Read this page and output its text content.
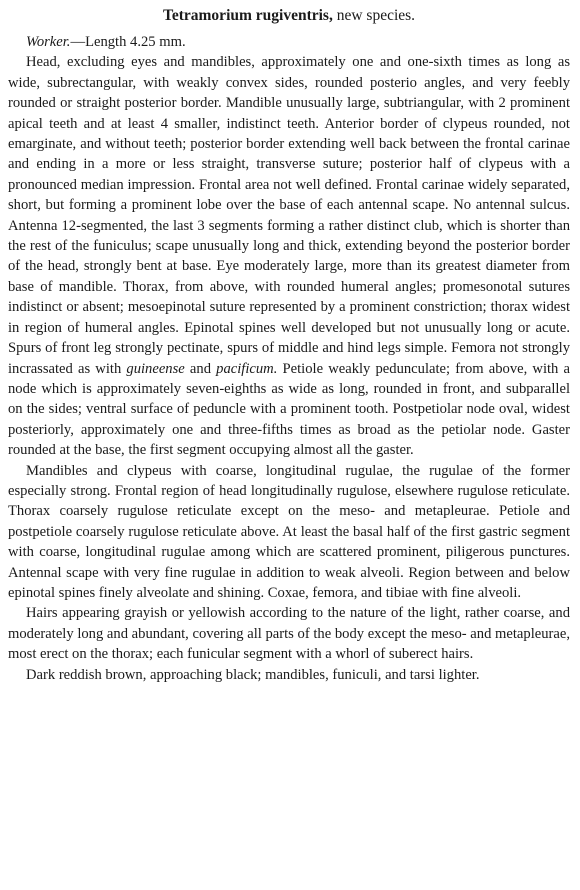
Tetramorium rugiventris, new species.

Worker.—Length 4.25 mm.

Head, excluding eyes and mandibles, approximately one and one-sixth times as long as wide, subrectangular, with weakly convex sides, rounded posterio angles, and very feebly rounded or straight posterior border. Mandible unusually large, subtriangular, with 2 prominent apical teeth and at least 4 smaller, indistinct teeth. Anterior border of clypeus rounded, not emarginate, and without teeth; posterior border extending well back between the frontal carinae and ending in a more or less straight, transverse suture; posterior half of clypeus with a pronounced median impression. Frontal area not well defined. Frontal carinae widely separated, short, but forming a prominent lobe over the base of each antennal scape. No antennal sulcus. Antenna 12-segmented, the last 3 segments forming a rather distinct club, which is shorter than the rest of the funiculus; scape unusually long and thick, extending beyond the posterior border of the head, strongly bent at base. Eye moderately large, more than its greatest diameter from base of mandible. Thorax, from above, with rounded humeral angles; promesonotal sutures indistinct or absent; mesoepinotal suture represented by a prominent constriction; thorax widest in region of humeral angles. Epinotal spines well developed but not unusually long or acute. Spurs of front leg strongly pectinate, spurs of middle and hind legs simple. Femora not strongly incrassated as with guineense and pacificum. Petiole weakly pedunculate; from above, with a node which is approximately seven-eighths as wide as long, rounded in front, and subparallel on the sides; ventral surface of peduncle with a prominent tooth. Postpetiolar node oval, widest posteriorly, approximately one and three-fifths times as broad as the petiolar node. Gaster rounded at the base, the first segment occupying almost all the gaster.

Mandibles and clypeus with coarse, longitudinal rugulae, the rugulae of the former especially strong. Frontal region of head longitudinally rugulose, elsewhere rugulose reticulate. Thorax coarsely rugulose reticulate except on the meso- and metapleurae. Petiole and postpetiole coarsely rugulose reticulate above. At least the basal half of the first gastric segment with coarse, longitudinal rugulae among which are scattered prominent, piligerous punctures. Antennal scape with very fine rugulae in addition to weak alveoli. Region between and below epinotal spines finely alveolate and shining. Coxae, femora, and tibiae with fine alveoli.

Hairs appearing grayish or yellowish according to the nature of the light, rather coarse, and moderately long and abundant, covering all parts of the body except the meso- and metapleurae, most erect on the thorax; each funicular segment with a whorl of suberect hairs.

Dark reddish brown, approaching black; mandibles, funiculi, and tarsi lighter.
